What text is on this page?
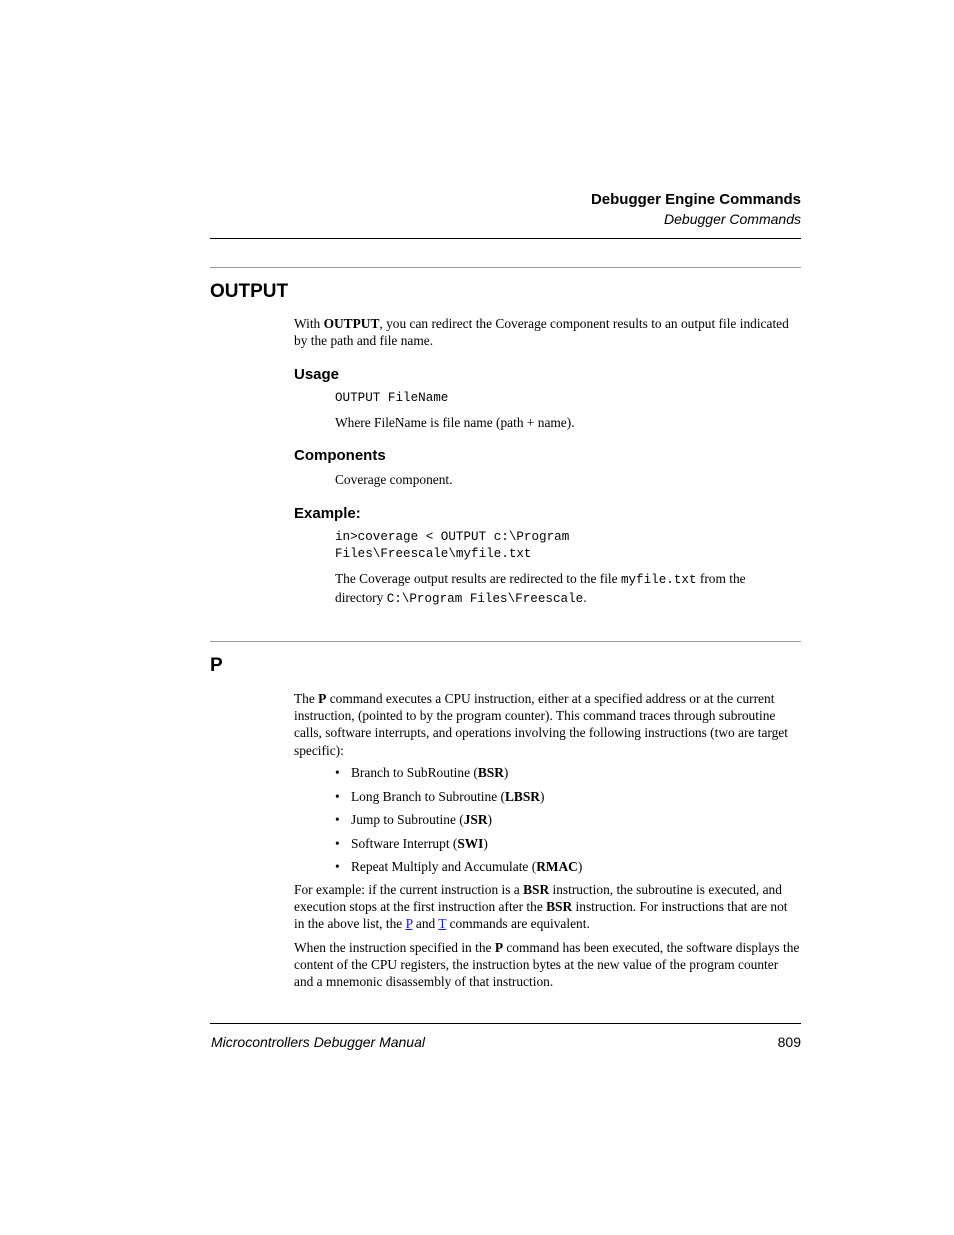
Debugger Engine Commands
Debugger Commands
OUTPUT
With OUTPUT, you can redirect the Coverage component results to an output file indicated by the path and file name.
Usage
OUTPUT FileName
Where FileName is file name (path + name).
Components
Coverage component.
Example:
in>coverage < OUTPUT c:\Program
Files\Freescale\myfile.txt
The Coverage output results are redirected to the file myfile.txt from the directory C:\Program Files\Freescale.
P
The P command executes a CPU instruction, either at a specified address or at the current instruction, (pointed to by the program counter). This command traces through subroutine calls, software interrupts, and operations involving the following instructions (two are target specific):
• Branch to SubRoutine (BSR)
• Long Branch to Subroutine (LBSR)
• Jump to Subroutine (JSR)
• Software Interrupt (SWI)
• Repeat Multiply and Accumulate (RMAC)
For example: if the current instruction is a BSR instruction, the subroutine is executed, and execution stops at the first instruction after the BSR instruction. For instructions that are not in the above list, the P and T commands are equivalent.
When the instruction specified in the P command has been executed, the software displays the content of the CPU registers, the instruction bytes at the new value of the program counter and a mnemonic disassembly of that instruction.
Microcontrollers Debugger Manual	809
